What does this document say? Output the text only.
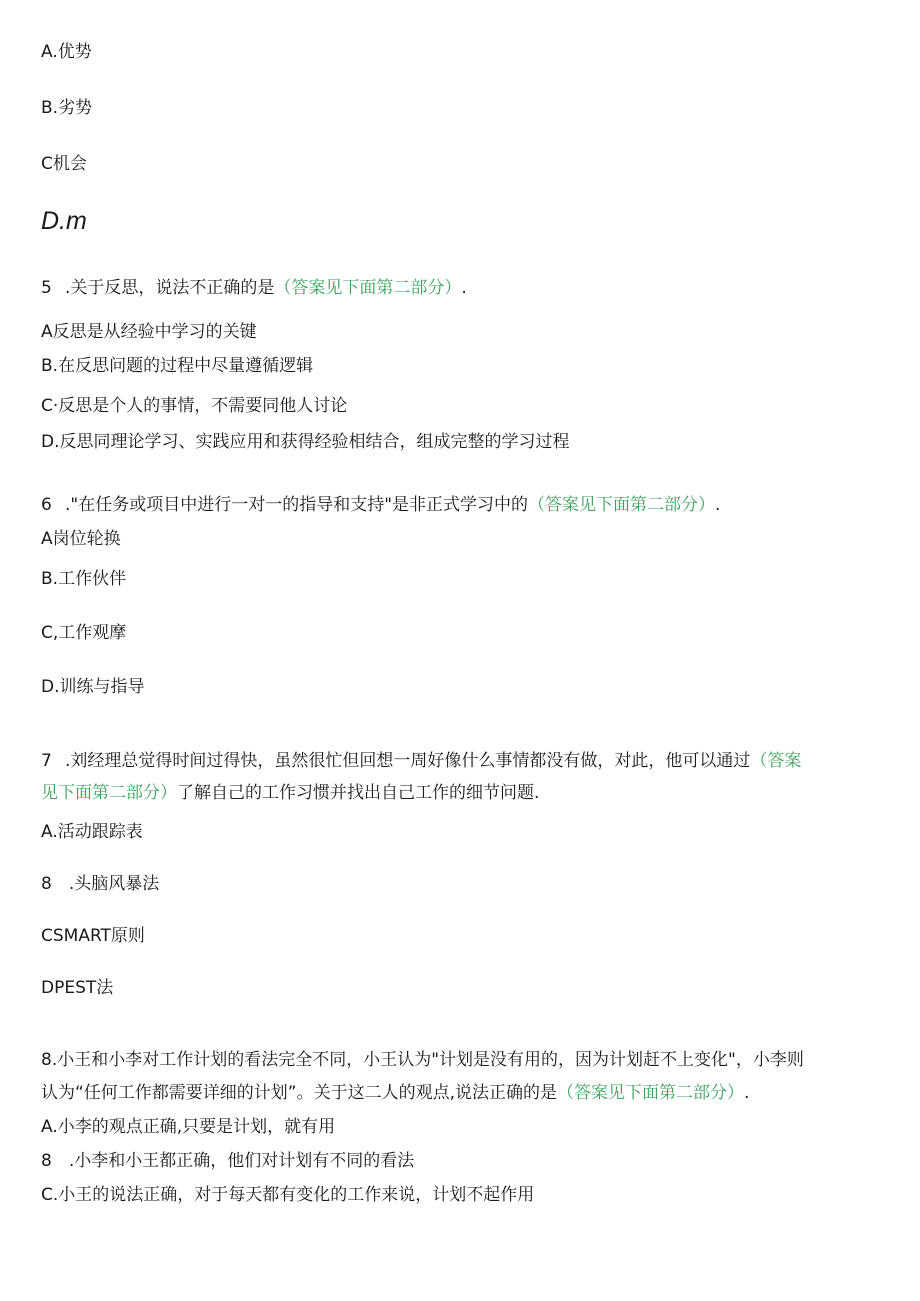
A.优势
B.劣势
C机会
D.m
5 .关于反思，说法不正确的是（答案见下面第二部分）.
A反思是从经验中学习的关键
B.在反思问题的过程中尽量遵循逻辑
C·反思是个人的事情，不需要同他人讨论
D.反思同理论学习、实践应用和获得经验相结合，组成完整的学习过程
6 ."在任务或项目中进行一对一的指导和支持"是非正式学习中的（答案见下面第二部分）.
A岗位轮换
B.工作伙伴
C,工作观摩
D.训练与指导
7 .刘经理总觉得时间过得快，虽然很忙但回想一周好像什么事情都没有做，对此，他可以通过（答案
见下面第二部分）了解自己的工作习惯并找出自己工作的细节问题.
A.活动跟踪表
8　.头脑风暴法
CSMART原则
DPEST法
8.小王和小李对工作计划的看法完全不同，小王认为"计划是没有用的，因为计划赶不上变化"，小李则
认为“任何工作都需要详细的计划”。关于这二人的观点,说法正确的是（答案见下面第二部分）.
A.小李的观点正确,只要是计划，就有用
8　.小李和小王都正确，他们对计划有不同的看法
C.小王的说法正确，对于每天都有变化的工作来说，计划不起作用
